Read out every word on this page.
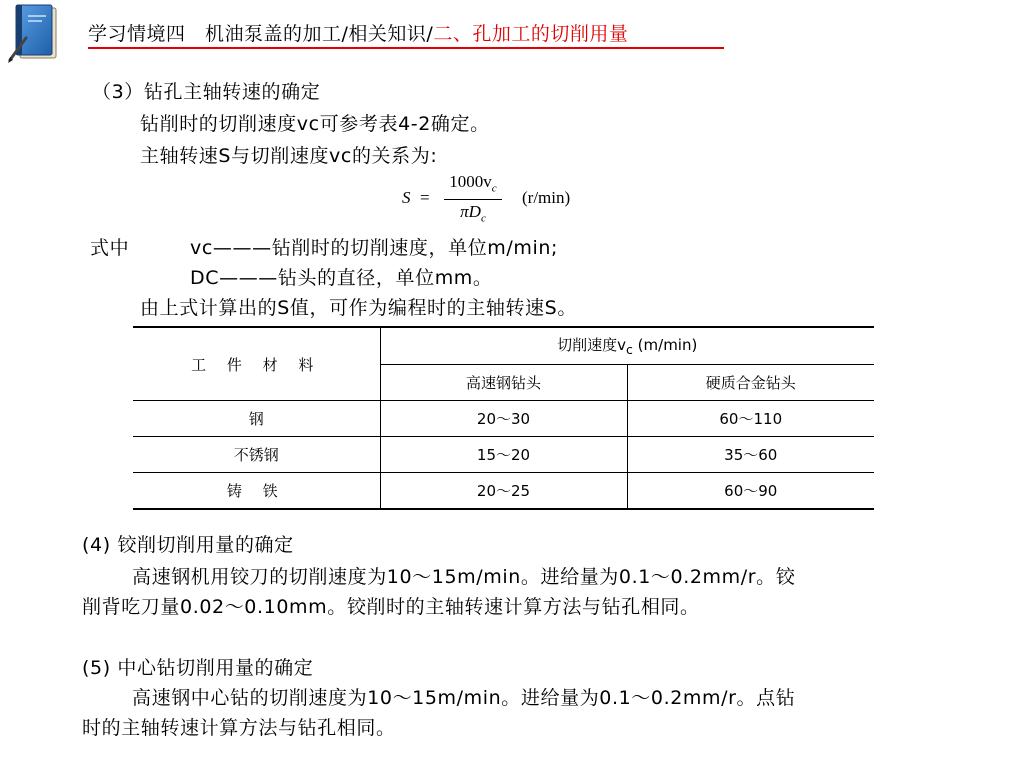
学习情境四　机油泵盖的加工/相关知识/二、孔加工的切削用量
（3）钻孔主轴转速的确定
钻削时的切削速度vc可参考表4-2确定。
主轴转速S与切削速度vc的关系为:
S =
$1000v_c$
$\pi D_c$
(r/min)
式中	vc———钻削时的切削速度，单位m/min;
DC———钻头的直径，单位mm。
由上式计算出的S值，可作为编程时的主轴转速S。
工 件 材 料	切削速度$v_c$ (m/min)	
	高速钢钻头	硬质合金钻头
钢	20～30	60～110
不锈钢	15～20	35～60
铸 铁	20～25	60～90
(4) 铰削切削用量的确定
高速钢机用铰刀的切削速度为10～15m/min。进给量为0.1～0.2mm/r。铰
削背吃刀量0.02～0.10mm。铰削时的主轴转速计算方法与钻孔相同。
(5) 中心钻切削用量的确定
高速钢中心钻的切削速度为10～15m/min。进给量为0.1～0.2mm/r。点钻
时的主轴转速计算方法与钻孔相同。
